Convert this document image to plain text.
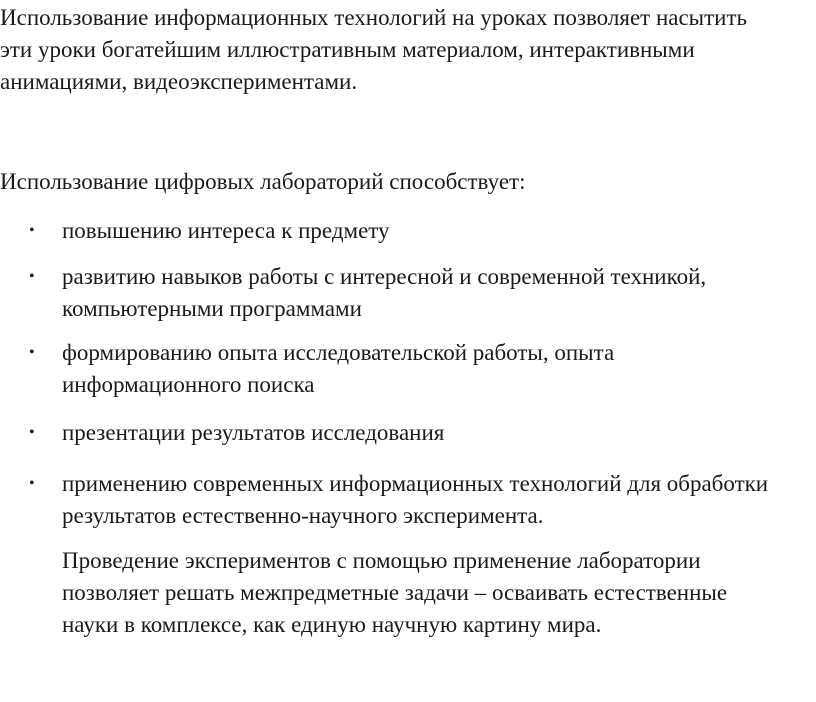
Использование информационных технологий на уроках позволяет насытить
эти уроки богатейшим иллюстративным материалом, интерактивными
анимациями, видеоэкспериментами.

Использование цифровых лабораторий способствует:

• повышению интереса к предмету
• развитию навыков работы с интересной и современной техникой,
компьютерными программами
• формированию опыта исследовательской работы, опыта
информационного поиска
• презентации результатов исследования
• применению современных информационных технологий для обработки
результатов естественно-научного эксперимента.

Проведение экспериментов с помощью применение лаборатории
позволяет решать межпредметные задачи – осваивать естественные
науки в комплексе, как единую научную картину мира.
